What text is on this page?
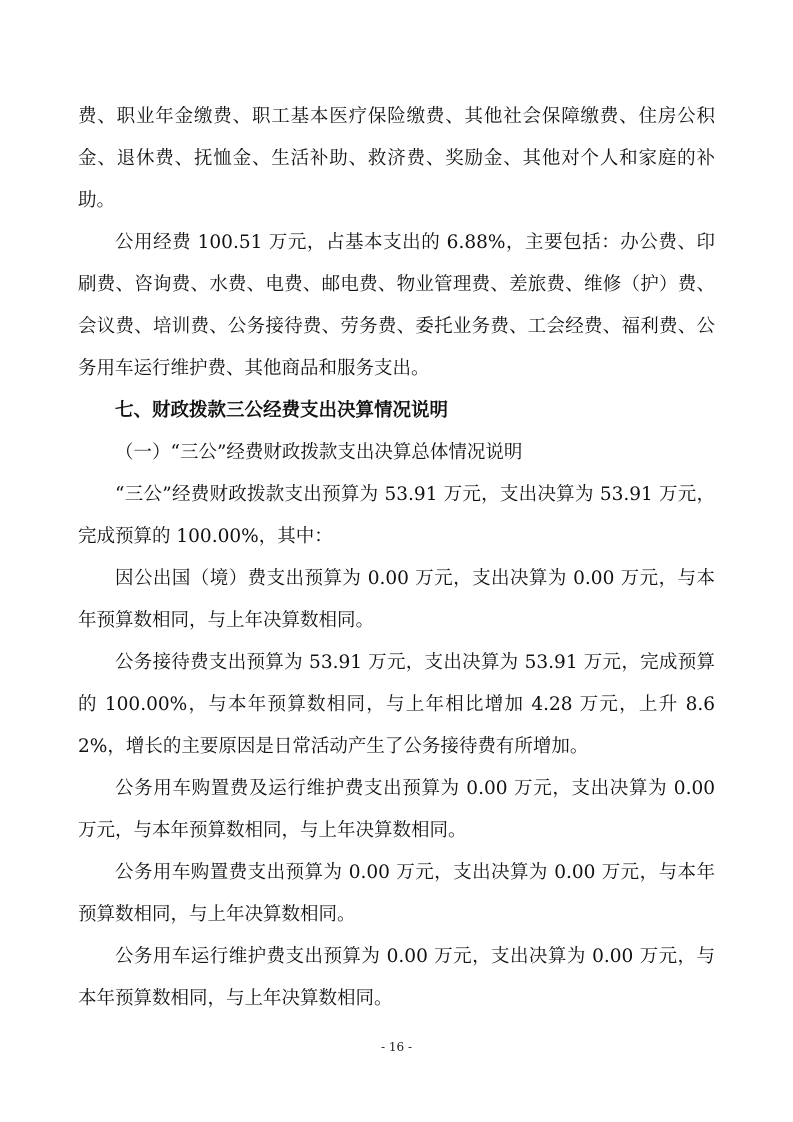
费、职业年金缴费、职工基本医疗保险缴费、其他社会保障缴费、住房公积金、退休费、抚恤金、生活补助、救济费、奖励金、其他对个人和家庭的补助。

公用经费 100.51 万元，占基本支出的 6.88%，主要包括：办公费、印刷费、咨询费、水费、电费、邮电费、物业管理费、差旅费、维修（护）费、会议费、培训费、公务接待费、劳务费、委托业务费、工会经费、福利费、公务用车运行维护费、其他商品和服务支出。

七、财政拨款三公经费支出决算情况说明

（一）“三公”经费财政拨款支出决算总体情况说明

“三公”经费财政拨款支出预算为 53.91 万元，支出决算为 53.91 万元，完成预算的 100.00%，其中：

因公出国（境）费支出预算为 0.00 万元，支出决算为 0.00 万元，与本年预算数相同，与上年决算数相同。

公务接待费支出预算为 53.91 万元，支出决算为 53.91 万元，完成预算的 100.00%，与本年预算数相同，与上年相比增加 4.28 万元，上升 8.62%，增长的主要原因是日常活动产生了公务接待费有所增加。

公务用车购置费及运行维护费支出预算为 0.00 万元，支出决算为 0.00 万元，与本年预算数相同，与上年决算数相同。

公务用车购置费支出预算为 0.00 万元，支出决算为 0.00 万元，与本年预算数相同，与上年决算数相同。

公务用车运行维护费支出预算为 0.00 万元，支出决算为 0.00 万元，与本年预算数相同，与上年决算数相同。

- 16 -
